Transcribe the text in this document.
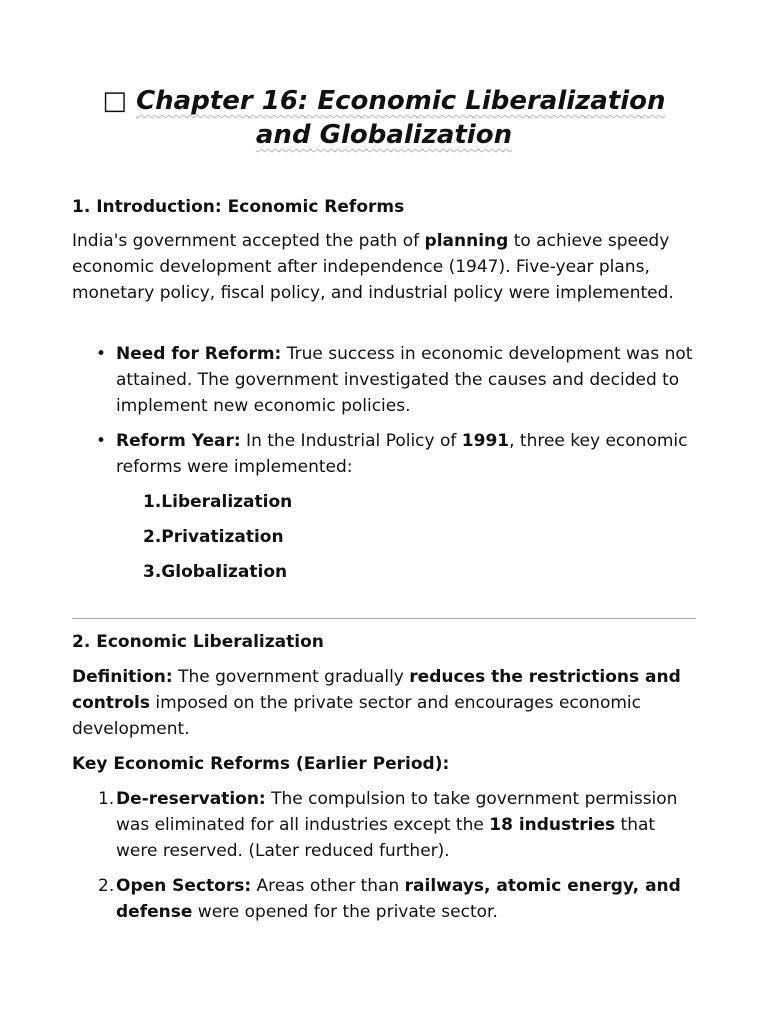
□ Chapter 16: Economic Liberalization and Globalization
1. Introduction: Economic Reforms

India's government accepted the path of planning to achieve speedy economic development after independence (1947). Five-year plans, monetary policy, fiscal policy, and industrial policy were implemented.

• Need for Reform: True success in economic development was not attained. The government investigated the causes and decided to implement new economic policies.
• Reform Year: In the Industrial Policy of 1991, three key economic reforms were implemented:
1.Liberalization
2.Privatization
3.Globalization
2. Economic Liberalization

Definition: The government gradually reduces the restrictions and controls imposed on the private sector and encourages economic development.

Key Economic Reforms (Earlier Period):
1. De-reservation: The compulsion to take government permission was eliminated for all industries except the 18 industries that were reserved. (Later reduced further).
2. Open Sectors: Areas other than railways, atomic energy, and defense were opened for the private sector.
